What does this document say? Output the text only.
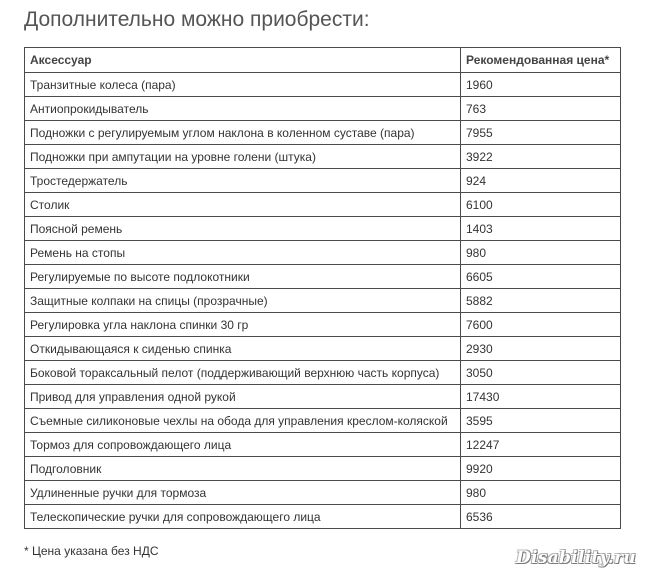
Дополнительно можно приобрести:
Аксессуар	Рекомендованная цена*
Транзитные колеса (пара)	1960
Антиопрокидыватель	763
Подножки с регулируемым углом наклона в коленном суставе (пара)	7955
Подножки при ампутации на уровне голени (штука)	3922
Тростедержатель	924
Столик	6100
Поясной ремень	1403
Ремень на стопы	980
Регулируемые по высоте подлокотники	6605
Защитные колпаки на спицы (прозрачные)	5882
Регулировка угла наклона спинки 30 гр	7600
Откидывающаяся к сиденью спинка	2930
Боковой тораксальный пелот (поддерживающий верхнюю часть корпуса)	3050
Привод для управления одной рукой	17430
Съемные силиконовые чехлы на обода для управления креслом-коляской	3595
Тормоз для сопровождающего лица	12247
Подголовник	9920
Удлиненные ручки для тормоза	980
Телескопические ручки для сопровождающего лица	6536

* Цена указана без НДС	Disability.ru
